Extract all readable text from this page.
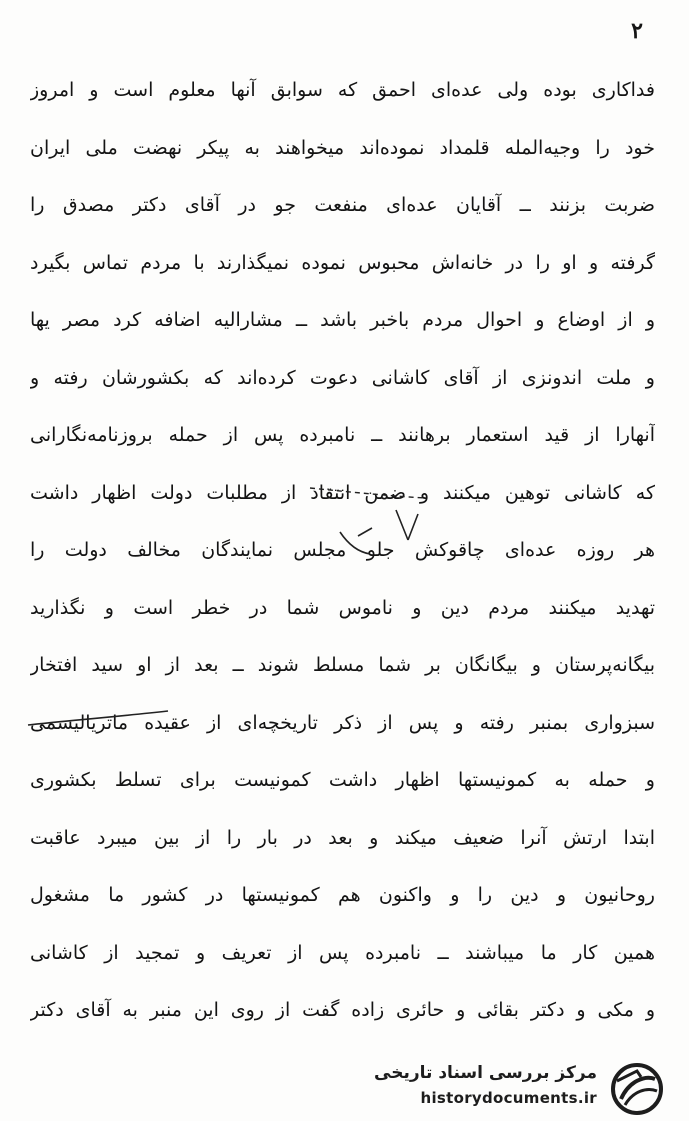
۲
فداکاری بوده ولی عده‌ای احمق که سوابق آنها معلوم است و امروز
خود را وجیه‌المله قلمداد نموده‌اند میخواهند به پیکر نهضت ملی ایران
ضربت بزنند ــ آقایان عده‌ای منفعت جو در آقای دکتر مصدق را
گرفته و او را در خانه‌اش محبوس نموده نمیگذارند با مردم تماس بگیرد
و از اوضاع و احوال مردم باخبر باشد ــ مشارالیه اضافه کرد مصر یها
و ملت اندونزی از آقای کاشانی دعوت کرده‌اند که بکشورشان رفته و
آنهارا از قید استعمار برهانند ــ نامبرده پس از حمله بروزنامه‌نگارانی
که کاشانی توهین میکنند و ضمن انتقاد از مطلبات دولت اظهار داشت
هر روزه عده‌ای چاقوکش جلو مجلس نمایندگان مخالف دولت را
تهدید میکنند مردم دین و ناموس شما در خطر است و نگذارید
بیگانه‌پرستان و بیگانگان بر شما مسلط شوند ــ بعد از او سید افتخار
سبزواری بمنبر رفته و پس از ذکر تاریخچه‌ای از عقیده ماتریالیسمی
و حمله به کمونیستها اظهار داشت کمونیست برای تسلط بکشوری
ابتدا ارتش آنرا ضعیف میکند و بعد در بار را از بین میبرد عاقبت
روحانیون و دین را و واکنون هم کمونیستها در کشور ما مشغول
همین کار ما میباشند ــ نامبرده پس از تعریف و تمجید از کاشانی
و مکی و دکتر بقائی و حائری زاده گفت از روی این منبر به آقای دکتر
مرکز بررسی اسناد تاریخی
historydocuments.ir
